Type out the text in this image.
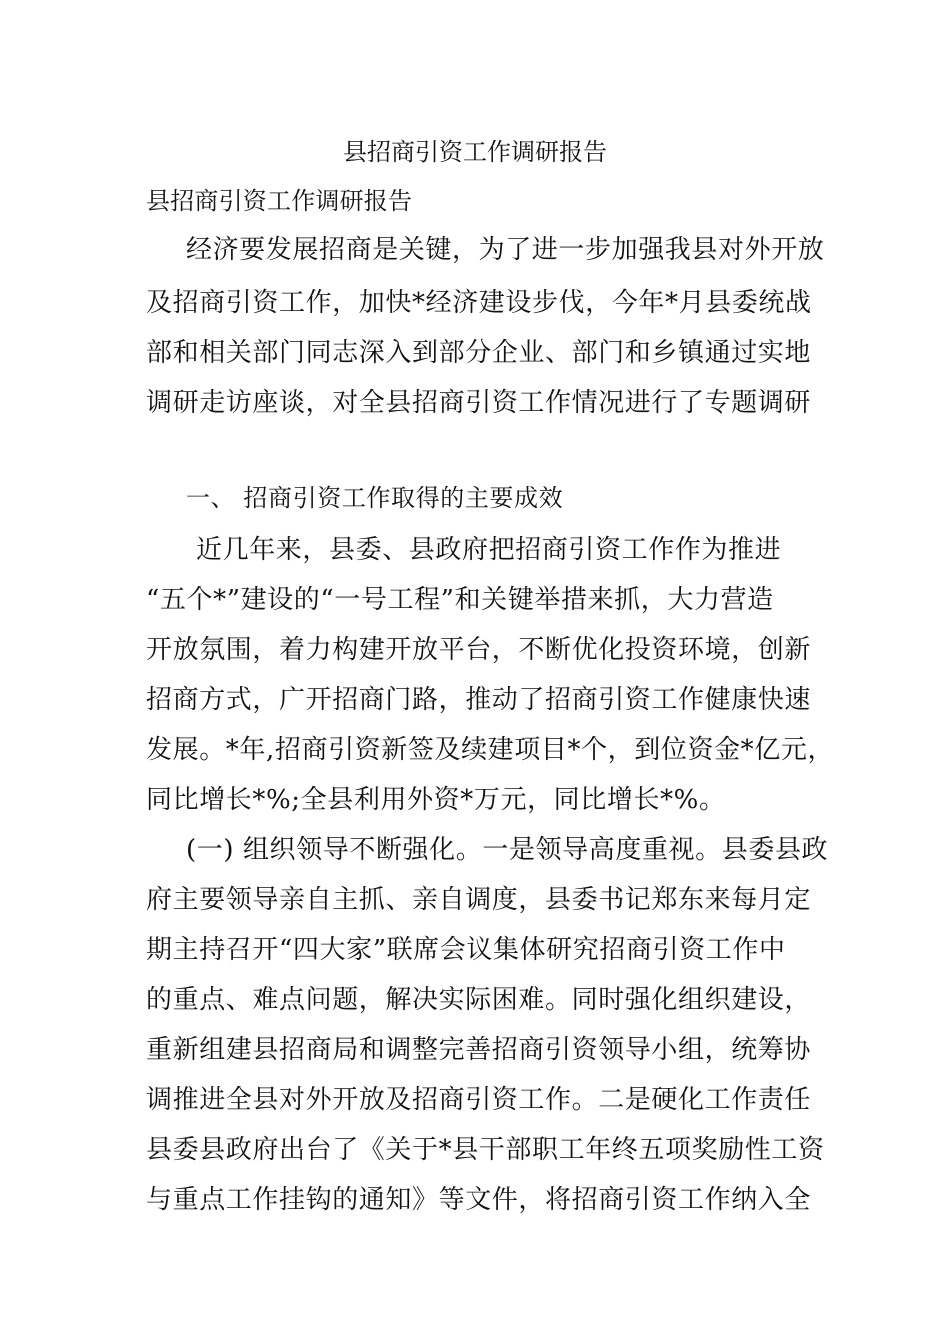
县招商引资工作调研报告
县招商引资工作调研报告
经济要发展招商是关键，为了进一步加强我县对外开放
及招商引资工作，加快*经济建设步伐，今年*月县委统战
部和相关部门同志深入到部分企业、部门和乡镇通过实地
调研走访座谈，对全县招商引资工作情况进行了专题调研
一、 招商引资工作取得的主要成效
近几年来，县委、县政府把招商引资工作作为推进
“五个*”建设的“一号工程”和关键举措来抓，大力营造
开放氛围，着力构建开放平台，不断优化投资环境，创新
招商方式，广开招商门路，推动了招商引资工作健康快速
发展。*年,招商引资新签及续建项目*个，到位资金*亿元，
同比增长*%;全县利用外资*万元，同比增长*%。
(一) 组织领导不断强化。一是领导高度重视。县委县政
府主要领导亲自主抓、亲自调度，县委书记郑东来每月定
期主持召开“四大家”联席会议集体研究招商引资工作中
的重点、难点问题，解决实际困难。同时强化组织建设，
重新组建县招商局和调整完善招商引资领导小组，统筹协
调推进全县对外开放及招商引资工作。二是硬化工作责任
县委县政府出台了《关于*县干部职工年终五项奖励性工资
与重点工作挂钩的通知》等文件，将招商引资工作纳入全
